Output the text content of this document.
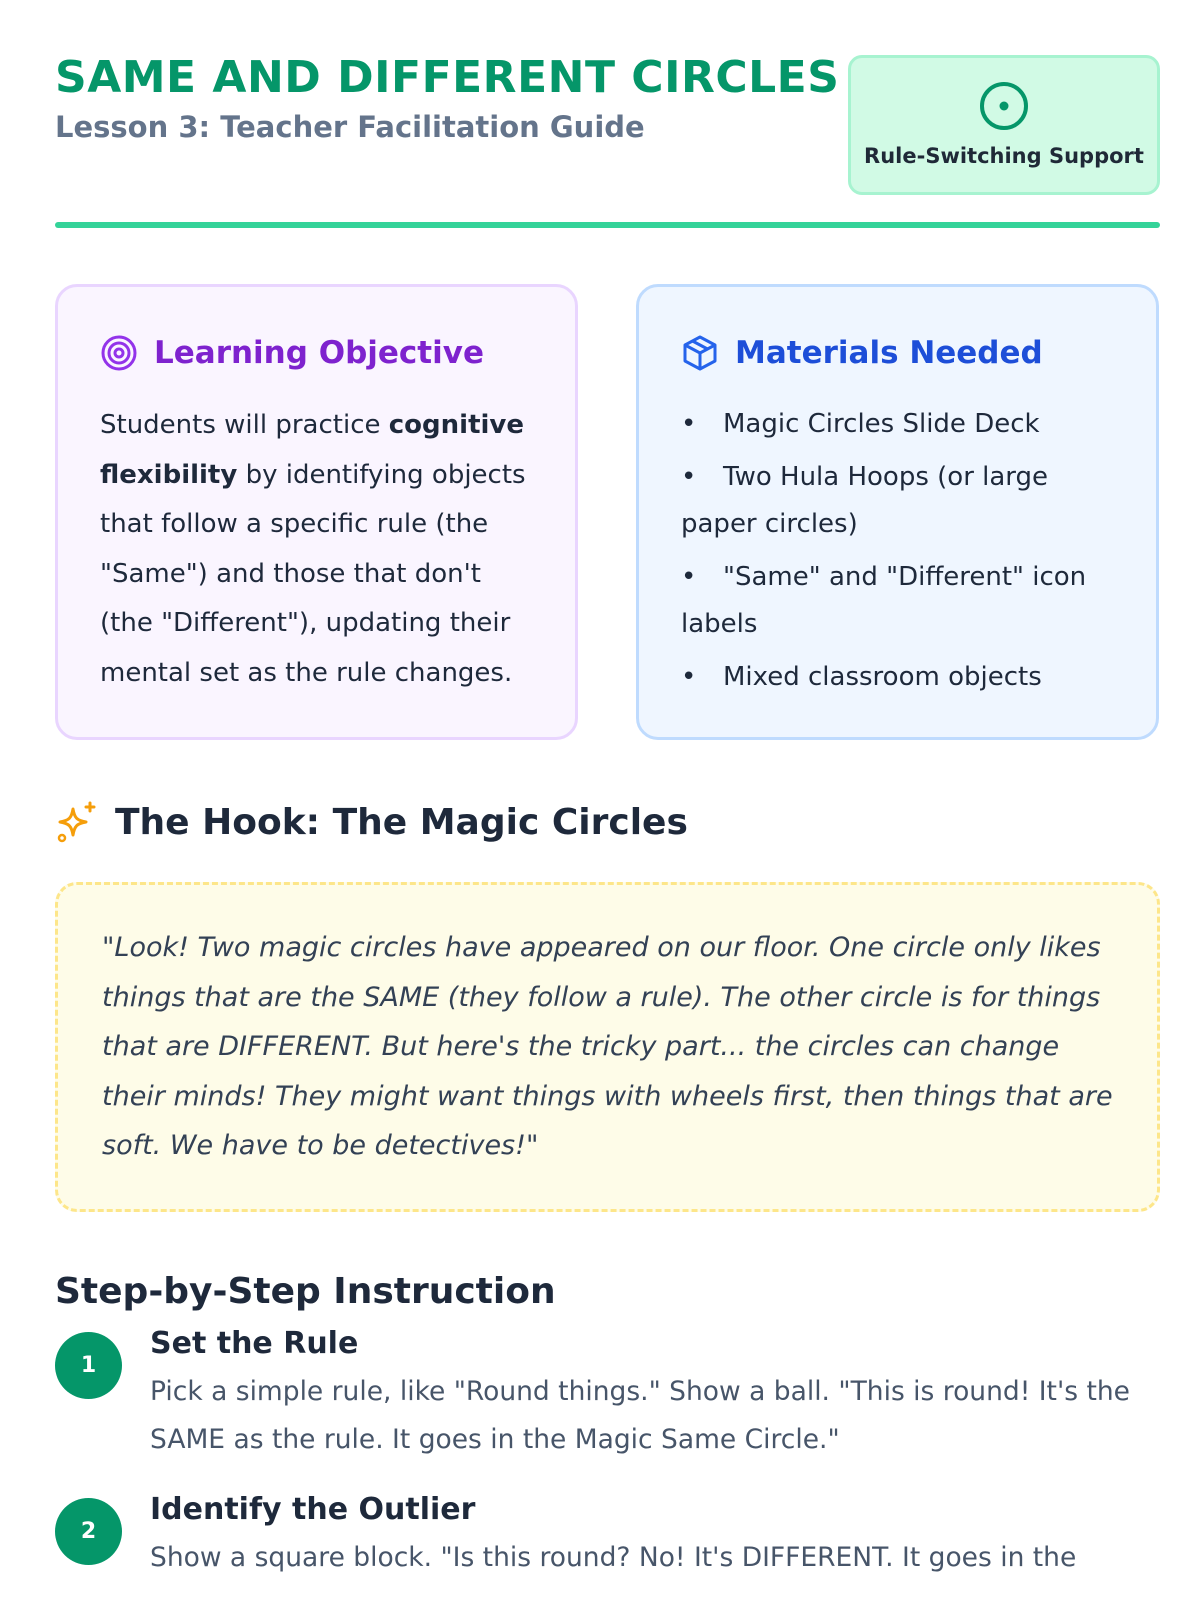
SAME AND DIFFERENT CIRCLES
Lesson 3: Teacher Facilitation Guide
Rule-Switching Support
Learning Objective

Students will practice cognitive flexibility by identifying objects that follow a specific rule (the "Same") and those that don't (the "Different"), updating their mental set as the rule changes.

Materials Needed
• Magic Circles Slide Deck
• Two Hula Hoops (or large paper circles)
• "Same" and "Different" icon labels
• Mixed classroom objects
The Hook: The Magic Circles

"Look! Two magic circles have appeared on our floor. One circle only likes things that are the SAME (they follow a rule). The other circle is for things that are DIFFERENT. But here's the tricky part... the circles can change their minds! They might want things with wheels first, then things that are soft. We have to be detectives!"

Step-by-Step Instruction
1
Set the Rule

Pick a simple rule, like "Round things." Show a ball. "This is round! It's the SAME as the rule. It goes in the Magic Same Circle."

2
Identify the Outlier

Show a square block. "Is this round? No! It's DIFFERENT. It goes in the
